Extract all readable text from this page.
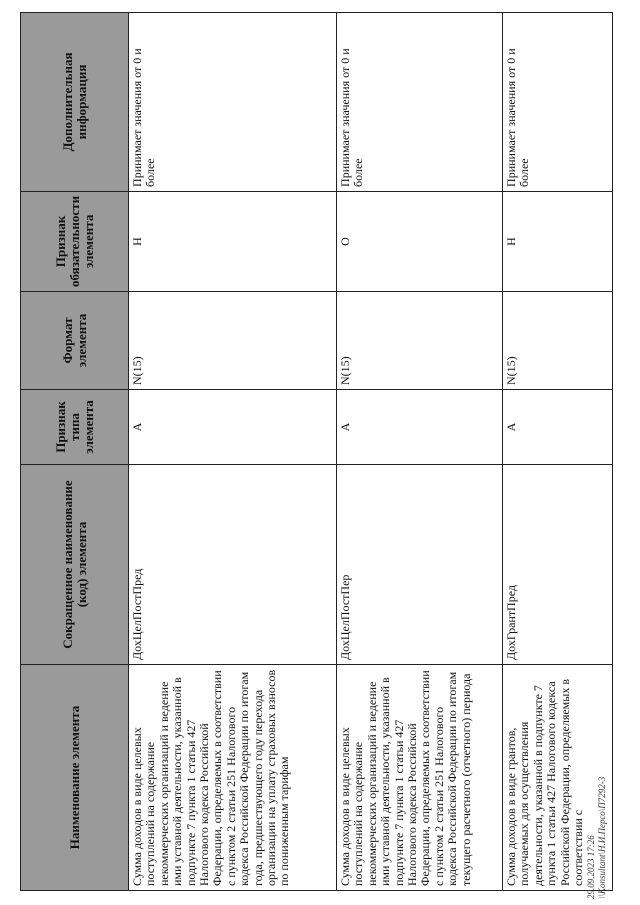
Наименование элемента	Сокращенное наименование (код) элемента	Признак типа элемента	Формат элемента	Признак обязательности элемента	Дополнительная информация
Сумма доходов в виде целевых поступлений на содержание некоммерческих организаций и ведение ими уставной деятельности, указанной в подпункте 7 пункта 1 статьи 427 Налогового кодекса Российской Федерации, определяемых в соответствии с пунктом 2 статьи 251 Налогового кодекса Российской Федерации по итогам года, предшествующего году перехода организации на уплату страховых взносов по пониженным тарифам	ДохЦелПостПред	А	N(15)	Н	Принимает значения от 0 и более
Сумма доходов в виде целевых поступлений на содержание некоммерческих организаций и ведение ими уставной деятельности, указанной в подпункте 7 пункта 1 статьи 427 Налогового кодекса Российской Федерации, определяемых в соответствии с пунктом 2 статьи 251 Налогового кодекса Российской Федерации по итогам текущего расчетного (отчетного) периода	ДохЦелПостПер	А	N(15)	О	Принимает значения от 0 и более
Сумма доходов в виде грантов, получаемых для осуществления деятельности, указанной в подпункте 7 пункта 1 статьи 427 Налогового кодекса Российской Федерации, определяемых в соответствии с	ДохГрантПред	А	N(15)	Н	Принимает значения от 0 и более
29.09.2023 17:26 \\Konsultant\Н.И.Персо\П7292-3
